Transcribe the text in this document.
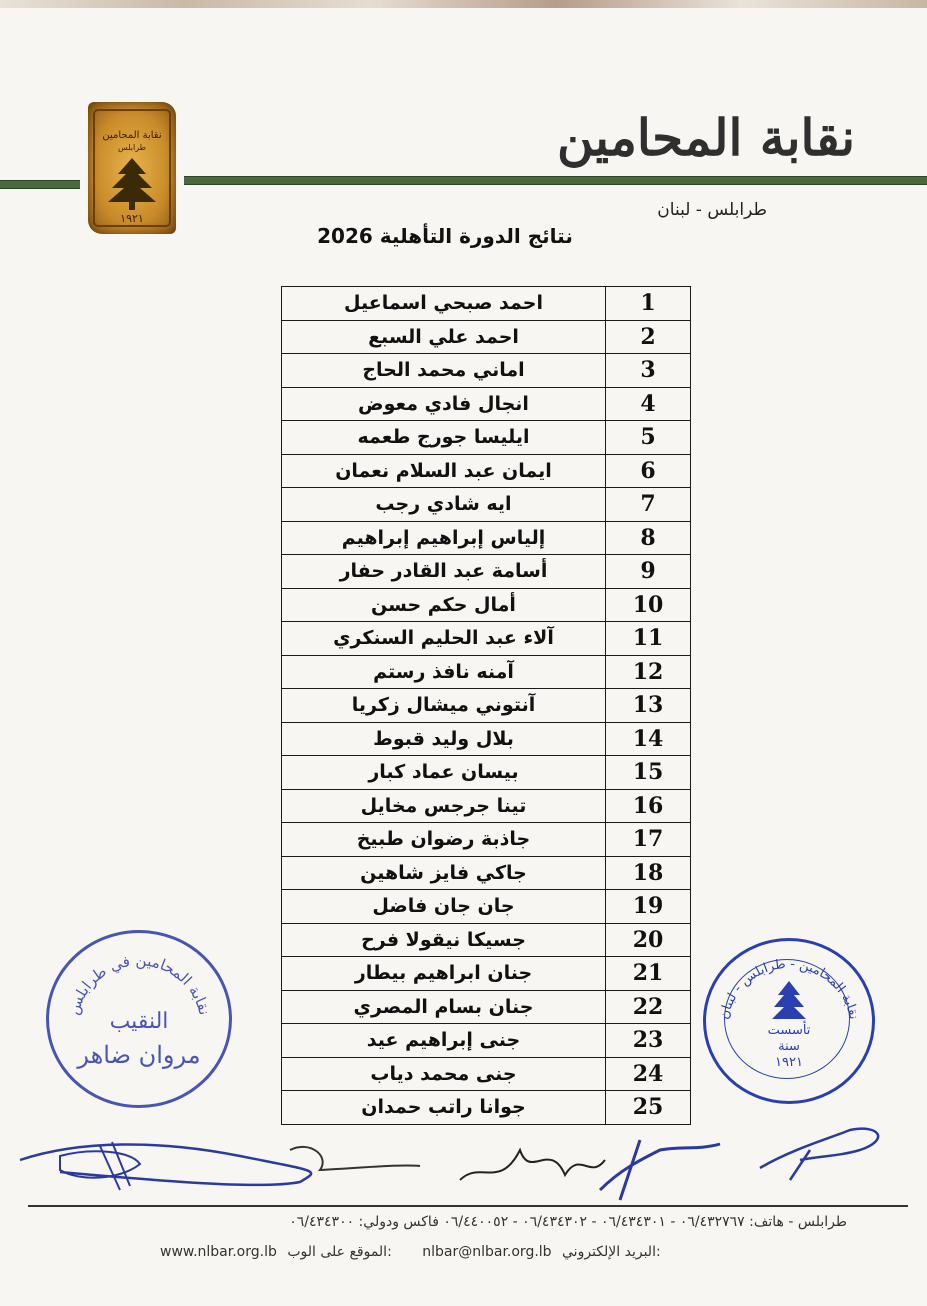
نقابة المحامين
طرابلس
١٩٢١
نقابة المحامين
طرابلس - لبنان
نتائج الدورة التأهلية 2026
احمد صبحي اسماعيل	1
احمد علي السبع	2
اماني محمد الحاج	3
انجال فادي معوض	4
ايليسا جورج طعمه	5
ايمان عبد السلام نعمان	6
ايه شادي رجب	7
إلياس إبراهيم إبراهيم	8
أسامة عبد القادر حفار	9
أمال حكم حسن	10
آلاء عبد الحليم السنكري	11
آمنه نافذ رستم	12
آنتوني ميشال زكريا	13
بلال وليد قبوط	14
بيسان عماد كبار	15
تينا جرجس مخايل	16
جاذبة رضوان طبيخ	17
جاكي فايز شاهين	18
جان جان فاضل	19
جسيكا نيقولا فرح	20
جنان ابراهيم بيطار	21
جنان بسام المصري	22
جنى إبراهيم عيد	23
جنى محمد دياب	24
جوانا راتب حمدان	25
نقابة المحامين في طرابلس
النقيب
مروان ضاهر
نقابة المحامين - طرابلس - لبنان
تأسست
سنة
١٩٢١
طرابلس - هاتف: ٠٦/٤٣٢٧٦٧ - ٠٦/٤٣٤٣٠١ - ٠٦/٤٣٤٣٠٢ - ٠٦/٤٤٠٠٥٢ فاكس ودولي: ٠٦/٤٣٤٣٠٠
www.nlbar.org.lb الموقع على الوب: nlbar@nlbar.org.lb البريد الإلكتروني:
